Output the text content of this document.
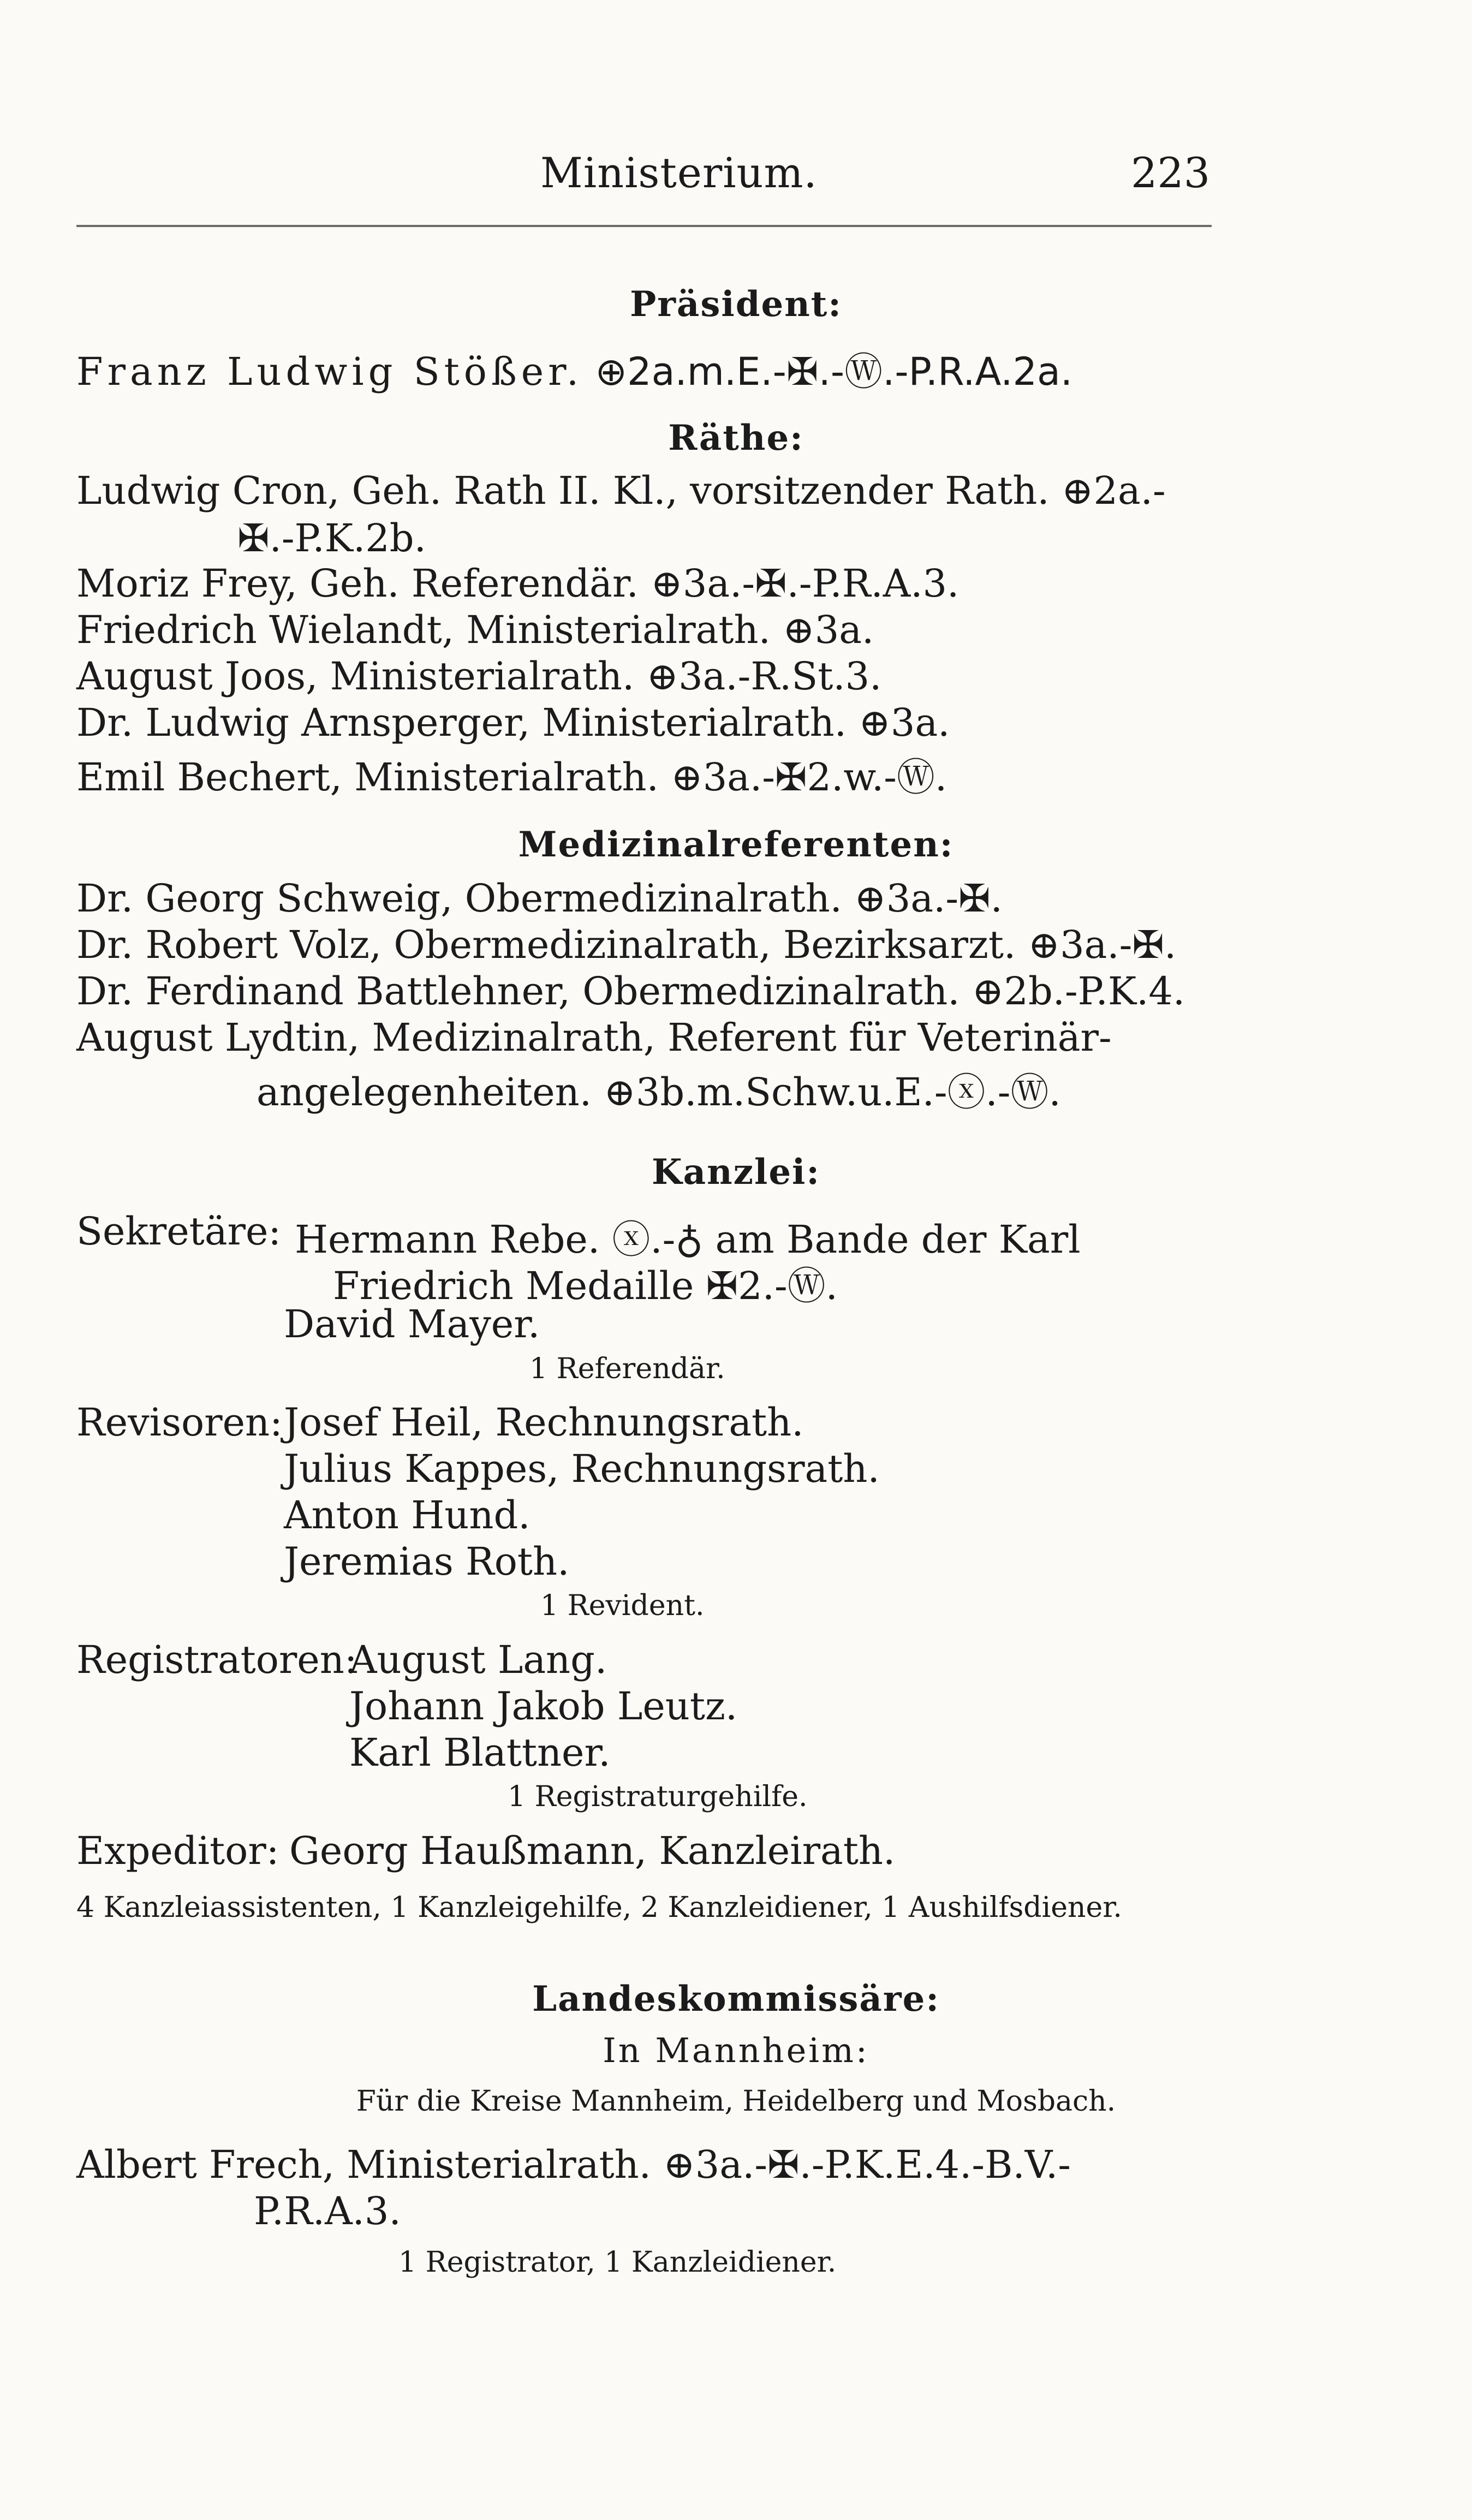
Ministerium.	223
Präsident:
Franz Ludwig Stößer. ⊕2a.m.E.-✠.-Ⓦ.-P.R.A.2a.
Räthe:
Ludwig Cron, Geh. Rath II. Kl., vorsitzender Rath. ⊕2a.-
✠.-P.K.2b.
Moriz Frey, Geh. Referendär. ⊕3a.-✠.-P.R.A.3.
Friedrich Wielandt, Ministerialrath. ⊕3a.
August Joos, Ministerialrath. ⊕3a.-R.St.3.
Dr. Ludwig Arnsperger, Ministerialrath. ⊕3a.
Emil Bechert, Ministerialrath. ⊕3a.-✠2.w.-Ⓦ.
Medizinalreferenten:
Dr. Georg Schweig, Obermedizinalrath. ⊕3a.-✠.
Dr. Robert Volz, Obermedizinalrath, Bezirksarzt. ⊕3a.-✠.
Dr. Ferdinand Battlehner, Obermedizinalrath. ⊕2b.-P.K.4.
August Lydtin, Medizinalrath, Referent für Veterinär-
angelegenheiten. ⊕3b.m.Schw.u.E.-ⓧ.-Ⓦ.
Kanzlei:
Sekretäre: Hermann Rebe. ⓧ.-♁ am Bande der Karl
Friedrich Medaille ✠2.-Ⓦ.
David Mayer.
1 Referendär.
Revisoren: Josef Heil, Rechnungsrath.
Julius Kappes, Rechnungsrath.
Anton Hund.
Jeremias Roth.
1 Revident.
Registratoren:
August Lang.
Johann Jakob Leutz.
Karl Blattner.
1 Registraturgehilfe.
Expeditor: Georg Haußmann, Kanzleirath.
4 Kanzleiassistenten, 1 Kanzleigehilfe, 2 Kanzleidiener, 1 Aushilfsdiener.
Landeskommissäre:
In Mannheim:
Für die Kreise Mannheim, Heidelberg und Mosbach.
Albert Frech, Ministerialrath. ⊕3a.-✠.-P.K.E.4.-B.V.-
P.R.A.3.
1 Registrator, 1 Kanzleidiener.
